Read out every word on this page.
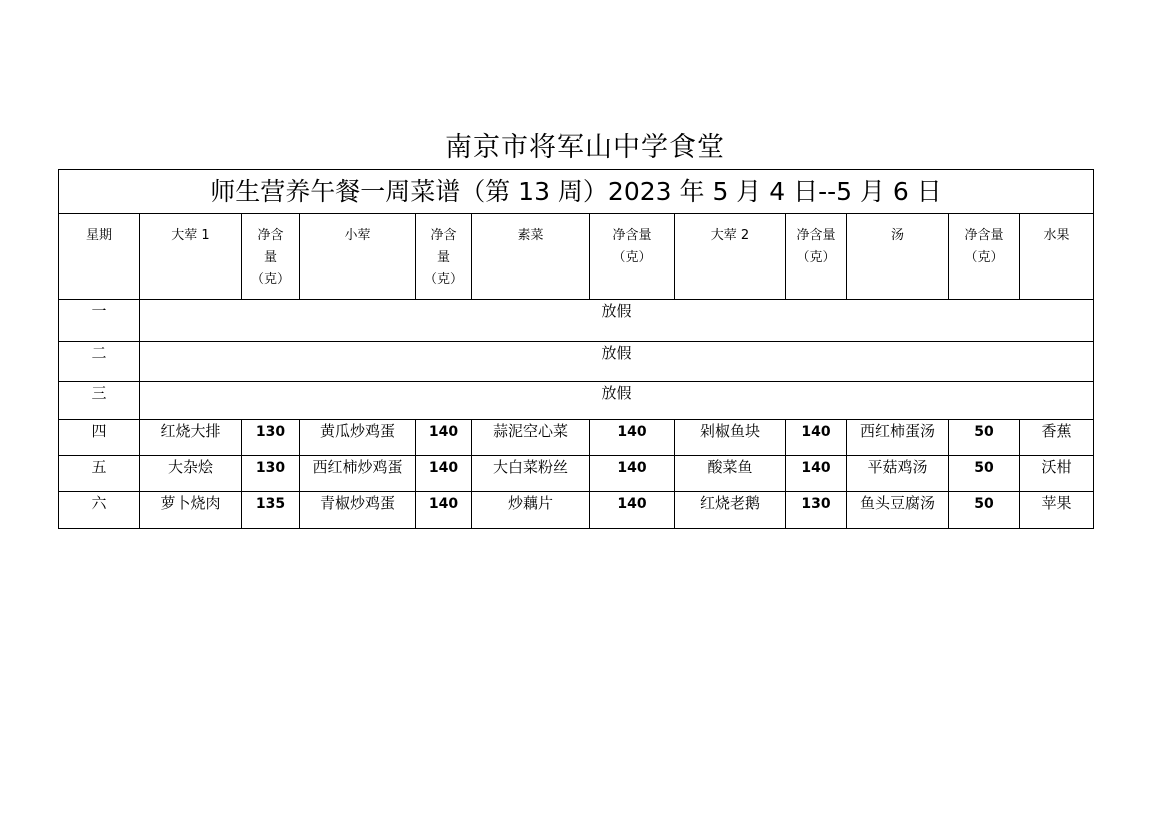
南京市将军山中学食堂
师生营养午餐一周菜谱（第 13 周）2023 年 5 月 4 日--5 月 6 日											

星期	大荤 1	净含
量
（克）	小荤	净含
量
（克）	素菜	净含量
（克）	大荤 2	净含量
（克）	汤	净含量
（克）	水果

一	放假										
二	放假										
三	放假										
四	红烧大排	130	黄瓜炒鸡蛋	140	蒜泥空心菜	140	剁椒鱼块	140	西红柿蛋汤	50	香蕉
五	大杂烩	130	西红柿炒鸡蛋	140	大白菜粉丝	140	酸菜鱼	140	平菇鸡汤	50	沃柑
六	萝卜烧肉	135	青椒炒鸡蛋	140	炒藕片	140	红烧老鹅	130	鱼头豆腐汤	50	苹果
